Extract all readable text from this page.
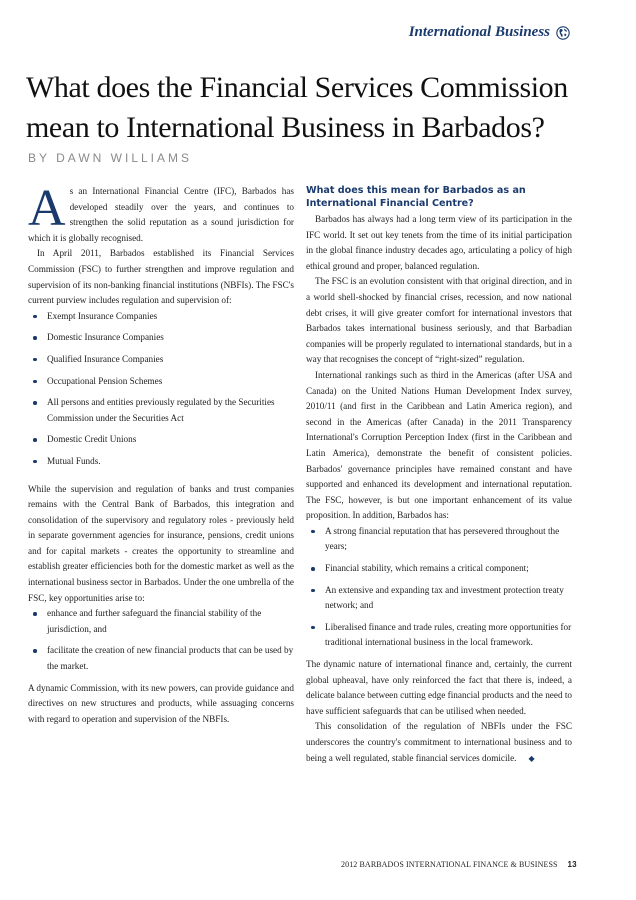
International Business
What does the Financial Services Commission mean to International Business in Barbados?
BY DAWN WILLIAMS

As an International Financial Centre (IFC), Barbados has developed steadily over the years, and continues to strengthen the solid reputation as a sound jurisdiction for which it is globally recognised.

In April 2011, Barbados established its Financial Services Commission (FSC) to further strengthen and improve regulation and supervision of its non-banking financial institutions (NBFIs). The FSC's current purview includes regulation and supervision of:

Exempt Insurance Companies
Domestic Insurance Companies
Qualified Insurance Companies
Occupational Pension Schemes
All persons and entities previously regulated by the Securities Commission under the Securities Act
Domestic Credit Unions
Mutual Funds.

While the supervision and regulation of banks and trust companies remains with the Central Bank of Barbados, this integration and consolidation of the supervisory and regulatory roles - previously held in separate government agencies for insurance, pensions, credit unions and for capital markets - creates the opportunity to streamline and establish greater efficiencies both for the domestic market as well as the international business sector in Barbados. Under the one umbrella of the FSC, key opportunities arise to:

enhance and further safeguard the financial stability of the jurisdiction, and
facilitate the creation of new financial products that can be used by the market.

A dynamic Commission, with its new powers, can provide guidance and directives on new structures and products, while assuaging concerns with regard to operation and supervision of the NBFIs.

What does this mean for Barbados as an International Financial Centre?

Barbados has always had a long term view of its participation in the IFC world. It set out key tenets from the time of its initial participation in the global finance industry decades ago, articulating a policy of high ethical ground and proper, balanced regulation.

The FSC is an evolution consistent with that original direction, and in a world shell-shocked by financial crises, recession, and now national debt crises, it will give greater comfort for international investors that Barbados takes international business seriously, and that Barbadian companies will be properly regulated to international standards, but in a way that recognises the concept of “right-sized” regulation.

International rankings such as third in the Americas (after USA and Canada) on the United Nations Human Development Index survey, 2010/11 (and first in the Caribbean and Latin America region), and second in the Americas (after Canada) in the 2011 Transparency International's Corruption Perception Index (first in the Caribbean and Latin America), demonstrate the benefit of consistent policies. Barbados' governance principles have remained constant and have supported and enhanced its development and international reputation. The FSC, however, is but one important enhancement of its value proposition. In addition, Barbados has:

A strong financial reputation that has persevered throughout the years;
Financial stability, which remains a critical component;
An extensive and expanding tax and investment protection treaty network; and
Liberalised finance and trade rules, creating more opportunities for traditional international business in the local framework.

The dynamic nature of international finance and, certainly, the current global upheaval, have only reinforced the fact that there is, indeed, a delicate balance between cutting edge financial products and the need to have sufficient safeguards that can be utilised when needed.

This consolidation of the regulation of NBFIs under the FSC underscores the country's commitment to international business and to being a well regulated, stable financial services domicile. ◆

2012 BARBADOS INTERNATIONAL FINANCE & BUSINESS 13
